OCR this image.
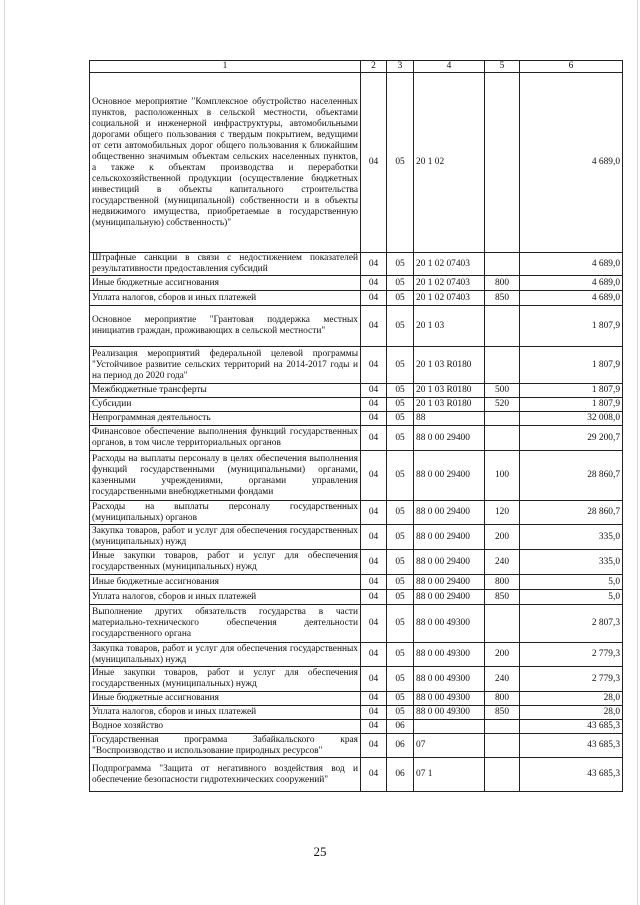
1	2	3	4	5	6
Основное мероприятие "Комплексное обустройство населенных пунктов, расположенных в сельской местности, объектами социальной и инженерной инфраструктуры, автомобильными дорогами общего пользования с твердым покрытием, ведущими от сети автомобильных дорог общего пользования к ближайшим общественно значимым объектам сельских населенных пунктов, а также к объектам производства и переработки сельскохозяйственной продукции (осуществление бюджетных инвестиций в объекты капитального строительства государственной (муниципальной) собственности и в объекты недвижимого имущества, приобретаемые в государственную (муниципальную) собственность)"	04	05	20 1 02		4 689,0
Штрафные санкции в связи с недостижением показателей результативности предоставления субсидий	04	05	20 1 02 07403		4 689,0
Иные бюджетные ассигнования	04	05	20 1 02 07403	800	4 689,0
Уплата налогов, сборов и иных платежей	04	05	20 1 02 07403	850	4 689,0
Основное мероприятие "Грантовая поддержка местных инициатив граждан, проживающих в сельской местности"	04	05	20 1 03		1 807,9
Реализация мероприятий федеральной целевой программы "Устойчивое развитие сельских территорий на 2014-2017 годы и на период до 2020 года"	04	05	20 1 03 R0180		1 807,9
Межбюджетные трансферты	04	05	20 1 03 R0180	500	1 807,9
Субсидии	04	05	20 1 03 R0180	520	1 807,9
Непрограммная деятельность	04	05	88		32 008,0
Финансовое обеспечение выполнения функций государственных органов, в том числе территориальных органов	04	05	88 0 00 29400		29 200,7
Расходы на выплаты персоналу в целях обеспечения выполнения функций государственными (муниципальными) органами, казенными учреждениями, органами управления государственными внебюджетными фондами	04	05	88 0 00 29400	100	28 860,7
Расходы на выплаты персоналу государственных (муниципальных) органов	04	05	88 0 00 29400	120	28 860,7
Закупка товаров, работ и услуг для обеспечения государственных (муниципальных) нужд	04	05	88 0 00 29400	200	335,0
Иные закупки товаров, работ и услуг для обеспечения государственных (муниципальных) нужд	04	05	88 0 00 29400	240	335,0
Иные бюджетные ассигнования	04	05	88 0 00 29400	800	5,0
Уплата налогов, сборов и иных платежей	04	05	88 0 00 29400	850	5,0
Выполнение других обязательств государства в части материально-технического обеспечения деятельности государственного органа	04	05	88 0 00 49300		2 807,3
Закупка товаров, работ и услуг для обеспечения государственных (муниципальных) нужд	04	05	88 0 00 49300	200	2 779,3
Иные закупки товаров, работ и услуг для обеспечения государственных (муниципальных) нужд	04	05	88 0 00 49300	240	2 779,3
Иные бюджетные ассигнования	04	05	88 0 00 49300	800	28,0
Уплата налогов, сборов и иных платежей	04	05	88 0 00 49300	850	28,0
Водное хозяйство	04	06			43 685,3
Государственная программа Забайкальского края "Воспроизводство и использование природных ресурсов"	04	06	07		43 685,3
Подпрограмма "Защита от негативного воздействия вод и обеспечение безопасности гидротехнических сооружений"	04	06	07 1		43 685,3
25
